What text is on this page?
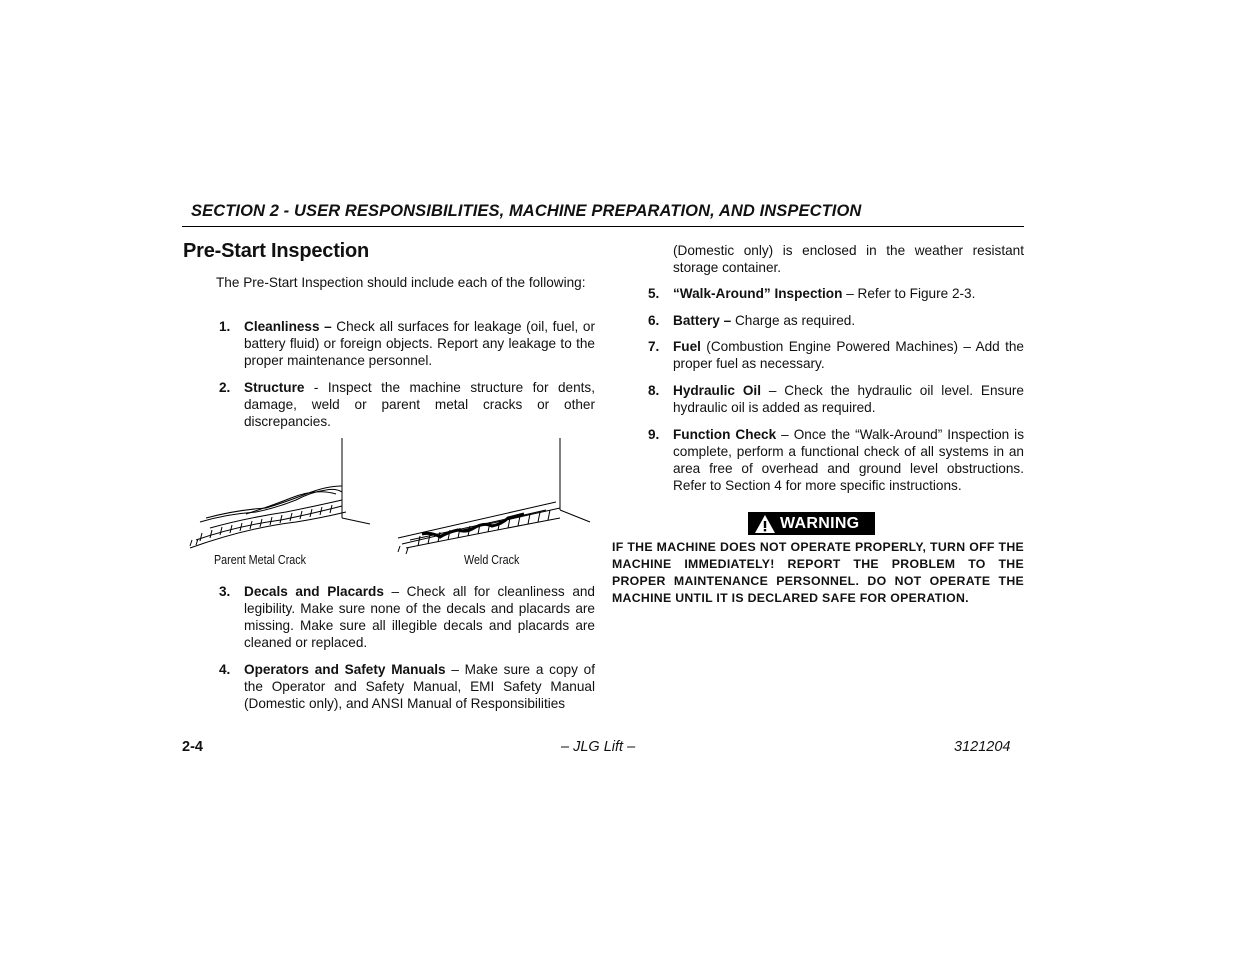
SECTION 2 - USER RESPONSIBILITIES, MACHINE PREPARATION, AND INSPECTION
Pre-Start Inspection
The Pre-Start Inspection should include each of the following:
1. Cleanliness – Check all surfaces for leakage (oil, fuel, or battery fluid) or foreign objects. Report any leakage to the proper maintenance personnel.
2. Structure - Inspect the machine structure for dents, damage, weld or parent metal cracks or other discrepancies.
Parent Metal Crack	Weld Crack
3. Decals and Placards – Check all for cleanliness and legibility. Make sure none of the decals and placards are missing. Make sure all illegible decals and placards are cleaned or replaced.
4. Operators and Safety Manuals – Make sure a copy of the Operator and Safety Manual, EMI Safety Manual (Domestic only), and ANSI Manual of Responsibilities
(Domestic only) is enclosed in the weather resistant storage container.
5. “Walk-Around” Inspection – Refer to Figure 2-3.
6. Battery – Charge as required.
7. Fuel (Combustion Engine Powered Machines) – Add the proper fuel as necessary.
8. Hydraulic Oil – Check the hydraulic oil level. Ensure hydraulic oil is added as required.
9. Function Check – Once the “Walk-Around” Inspection is complete, perform a functional check of all systems in an area free of overhead and ground level obstructions. Refer to Section 4 for more specific instructions.
WARNING
IF THE MACHINE DOES NOT OPERATE PROPERLY, TURN OFF THE MACHINE IMMEDIATELY! REPORT THE PROBLEM TO THE PROPER MAINTENANCE PERSONNEL. DO NOT OPERATE THE MACHINE UNTIL IT IS DECLARED SAFE FOR OPERATION.
2-4	– JLG Lift –	3121204
